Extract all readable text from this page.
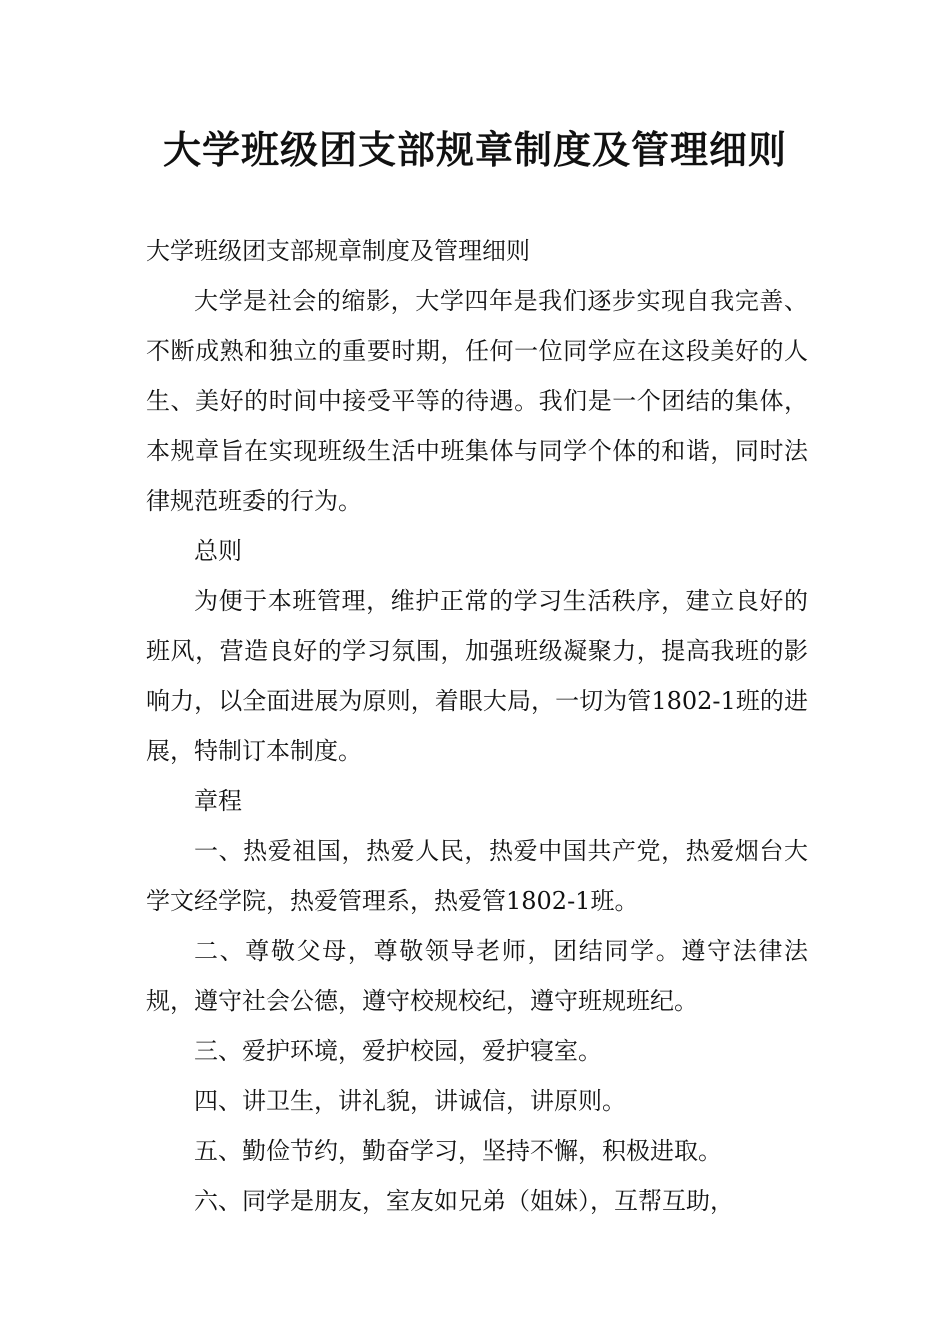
大学班级团支部规章制度及管理细则

大学班级团支部规章制度及管理细则

大学是社会的缩影，大学四年是我们逐步实现自我完善、不断成熟和独立的重要时期，任何一位同学应在这段美好的人生、美好的时间中接受平等的待遇。我们是一个团结的集体，本规章旨在实现班级生活中班集体与同学个体的和谐，同时法律规范班委的行为。

总则

为便于本班管理，维护正常的学习生活秩序，建立良好的班风，营造良好的学习氛围，加强班级凝聚力，提高我班的影响力，以全面进展为原则，着眼大局，一切为管1802-1班的进展，特制订本制度。

章程

一、热爱祖国，热爱人民，热爱中国共产党，热爱烟台大学文经学院，热爱管理系，热爱管1802-1班。

二、尊敬父母，尊敬领导老师，团结同学。遵守法律法规，遵守社会公德，遵守校规校纪，遵守班规班纪。

三、爱护环境，爱护校园，爱护寝室。

四、讲卫生，讲礼貌，讲诚信，讲原则。

五、勤俭节约，勤奋学习，坚持不懈，积极进取。

六、同学是朋友，室友如兄弟（姐妹），互帮互助，
